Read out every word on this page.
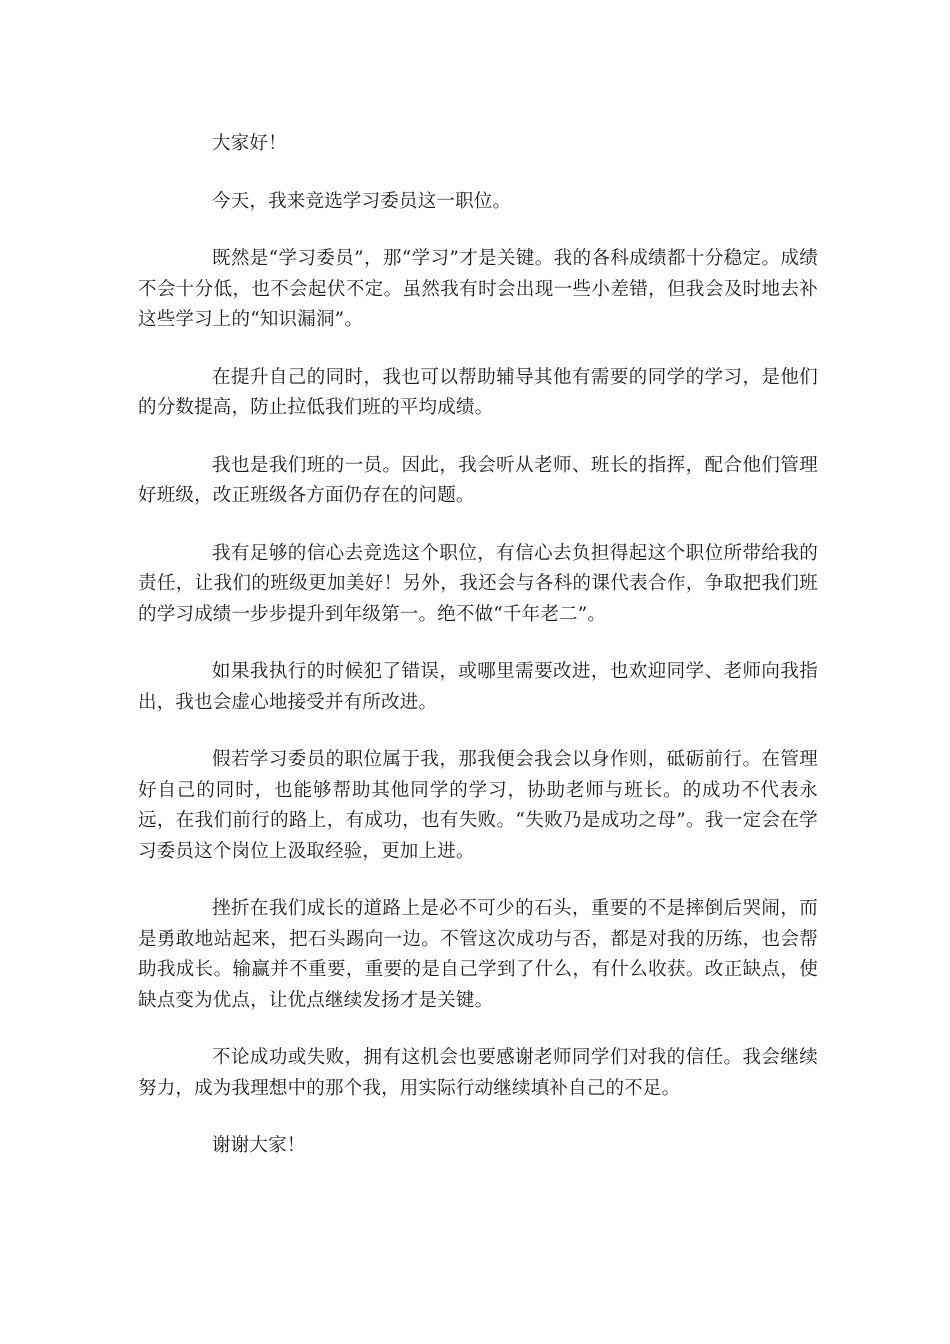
大家好！

今天，我来竞选学习委员这一职位。

既然是“学习委员”，那“学习”才是关键。我的各科成绩都十分稳定。成绩不会十分低，也不会起伏不定。虽然我有时会出现一些小差错，但我会及时地去补这些学习上的“知识漏洞”。

在提升自己的同时，我也可以帮助辅导其他有需要的同学的学习，是他们的分数提高，防止拉低我们班的平均成绩。

我也是我们班的一员。因此，我会听从老师、班长的指挥，配合他们管理好班级，改正班级各方面仍存在的问题。

我有足够的信心去竞选这个职位，有信心去负担得起这个职位所带给我的责任，让我们的班级更加美好！另外，我还会与各科的课代表合作，争取把我们班的学习成绩一步步提升到年级第一。绝不做“千年老二”。

如果我执行的时候犯了错误，或哪里需要改进，也欢迎同学、老师向我指出，我也会虚心地接受并有所改进。

假若学习委员的职位属于我，那我便会我会以身作则，砥砺前行。在管理好自己的同时，也能够帮助其他同学的学习，协助老师与班长。的成功不代表永远，在我们前行的路上，有成功，也有失败。“失败乃是成功之母”。我一定会在学习委员这个岗位上汲取经验，更加上进。

挫折在我们成长的道路上是必不可少的石头，重要的不是摔倒后哭闹，而是勇敢地站起来，把石头踢向一边。不管这次成功与否，都是对我的历练，也会帮助我成长。输赢并不重要，重要的是自己学到了什么，有什么收获。改正缺点，使缺点变为优点，让优点继续发扬才是关键。

不论成功或失败，拥有这机会也要感谢老师同学们对我的信任。我会继续努力，成为我理想中的那个我，用实际行动继续填补自己的不足。

谢谢大家！
